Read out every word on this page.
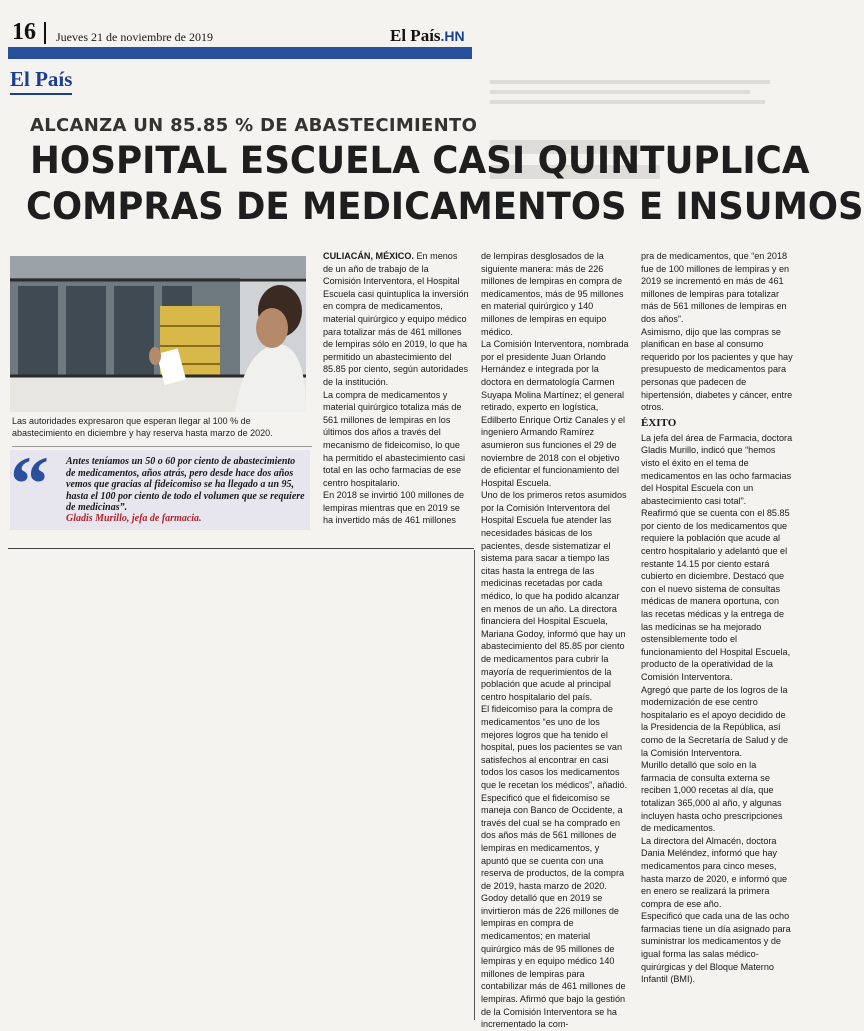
16 Jueves 21 de noviembre de 2019	El País.HN
El País
ALCANZA UN 85.85 % DE ABASTECIMIENTO
HOSPITAL ESCUELA CASI QUINTUPLICA
COMPRAS DE MEDICAMENTOS E INSUMOS
Las autoridades expresaron que esperan llegar al 100 % de abastecimiento en diciembre y hay reserva hasta marzo de 2020.
“ Antes teníamos un 50 o 60 por ciento de abastecimiento de medicamentos, años atrás, pero desde hace dos años vemos que gracias al fideicomiso se ha llegado a un 95, hasta el 100 por ciento de todo el volumen que se requiere de medicinas”.
Gladis Murillo, jefa de farmacia.

CULIACÁN, MÉXICO. En menos de un año de trabajo de la Comisión Interventora, el Hospital Escuela casi quintuplica la inversión en compra de medicamentos, material quirúrgico y equipo médico para totalizar más de 461 millones de lempiras sólo en 2019, lo que ha permitido un abastecimiento del 85.85 por ciento, según autoridades de la institución.

La compra de medicamentos y material quirúrgico totaliza más de 561 millones de lempiras en los últimos dos años a través del mecanismo de fideicomiso, lo que ha permitido el abastecimiento casi total en las ocho farmacias de ese centro hospitalario.

En 2018 se invirtió 100 millones de lempiras mientras que en 2019 se ha invertido más de 461 millones

de lempiras desglosados de la siguiente manera: más de 226 millones de lempiras en compra de medicamentos, más de 95 millones en material quirúrgico y 140 millones de lempiras en equipo médico.

La Comisión Interventora, nombrada por el presidente Juan Orlando Hernández e integrada por la doctora en dermatología Carmen Suyapa Molina Martínez; el general retirado, experto en logística, Edilberto Enrique Ortiz Canales y el ingeniero Armando Ramírez asumieron sus funciones el 29 de noviembre de 2018 con el objetivo de eficientar el funcionamiento del Hospital Escuela.

Uno de los primeros retos asumidos por la Comisión Interventora del Hospital Escuela fue atender las necesidades básicas de los pacientes, desde sistematizar el sistema para sacar a tiempo las citas hasta la entrega de las medicinas recetadas por cada médico, lo que ha podido alcanzar en menos de un año. La directora financiera del Hospital Escuela, Mariana Godoy, informó que hay un abastecimiento del 85.85 por ciento de medicamentos para cubrir la mayoría de requerimientos de la población que acude al principal centro hospitalario del país.

El fideicomiso para la compra de medicamentos “es uno de los mejores logros que ha tenido el hospital, pues los pacientes se van satisfechos al encontrar en casi todos los casos los medicamentos que le recetan los médicos”, añadió. Especificó que el fideicomiso se maneja con Banco de Occidente, a través del cual se ha comprado en dos años más de 561 millones de lempiras en medicamentos, y apuntó que se cuenta con una reserva de productos, de la compra de 2019, hasta marzo de 2020.

Godoy detalló que en 2019 se invirtieron más de 226 millones de lempiras en compra de medicamentos; en material quirúrgico más de 95 millones de lempiras y en equipo médico 140 millones de lempiras para contabilizar más de 461 millones de lempiras. Afirmó que bajo la gestión de la Comisión Interventora se ha incrementado la com-

pra de medicamentos, que “en 2018 fue de 100 millones de lempiras y en 2019 se incrementó en más de 461 millones de lempiras para totalizar más de 561 millones de lempiras en dos años”.

Asimismo, dijo que las compras se planifican en base al consumo requerido por los pacientes y que hay presupuesto de medicamentos para personas que padecen de hipertensión, diabetes y cáncer, entre otros.

ÉXITO

La jefa del área de Farmacia, doctora Gladis Murillo, indicó que “hemos visto el éxito en el tema de medicamentos en las ocho farmacias del Hospital Escuela con un abastecimiento casi total”.

Reafirmó que se cuenta con el 85.85 por ciento de los medicamentos que requiere la población que acude al centro hospitalario y adelantó que el restante 14.15 por ciento estará cubierto en diciembre. Destacó que con el nuevo sistema de consultas médicas de manera oportuna, con las recetas médicas y la entrega de las medicinas se ha mejorado ostensiblemente todo el funcionamiento del Hospital Escuela, producto de la operatividad de la Comisión Interventora.

Agregó que parte de los logros de la modernización de ese centro hospitalario es el apoyo decidido de la Presidencia de la República, así como de la Secretaría de Salud y de la Comisión Interventora.

Murillo detalló que solo en la farmacia de consulta externa se reciben 1,000 recetas al día, que totalizan 365,000 al año, y algunas incluyen hasta ocho prescripciones de medicamentos.

La directora del Almacén, doctora Dania Meléndez, informó que hay medicamentos para cinco meses, hasta marzo de 2020, e informó que en enero se realizará la primera compra de ese año.

Especificó que cada una de las ocho farmacias tiene un día asignado para suministrar los medicamentos y de igual forma las salas médico-quirúrgicas y del Bloque Materno Infantil (BMI).
